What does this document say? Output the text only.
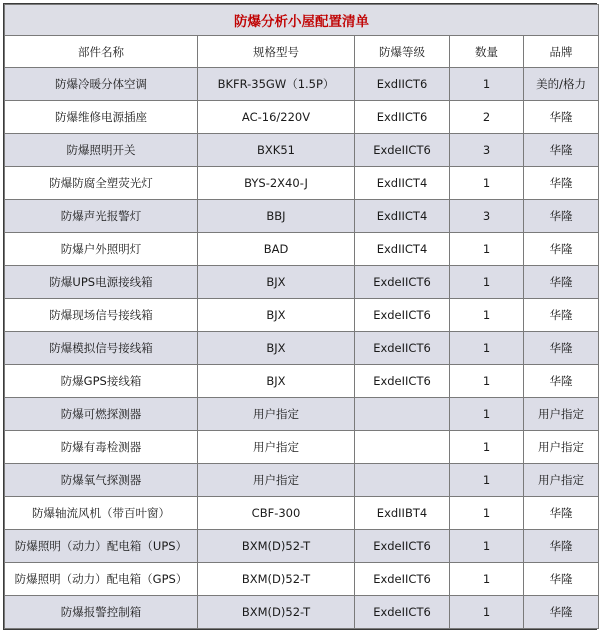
防爆分析小屋配置清单				
部件名称	规格型号	防爆等级	数量	品牌
防爆冷暖分体空调	BKFR-35GW（1.5P）	ExdIICT6	1	美的/格力
防爆维修电源插座	AC-16/220V	ExdIICT6	2	华隆
防爆照明开关	BXK51	ExdeIICT6	3	华隆
防爆防腐全塑荧光灯	BYS-2X40-J	ExdIICT4	1	华隆
防爆声光报警灯	BBJ	ExdIICT4	3	华隆
防爆户外照明灯	BAD	ExdIICT4	1	华隆
防爆UPS电源接线箱	BJX	ExdeIICT6	1	华隆
防爆现场信号接线箱	BJX	ExdeIICT6	1	华隆
防爆模拟信号接线箱	BJX	ExdeIICT6	1	华隆
防爆GPS接线箱	BJX	ExdeIICT6	1	华隆
防爆可燃探测器	用户指定		1	用户指定
防爆有毒检测器	用户指定		1	用户指定
防爆氧气探测器	用户指定		1	用户指定
防爆轴流风机（带百叶窗）	CBF-300	ExdIIBT4	1	华隆
防爆照明（动力）配电箱（UPS）	BXM(D)52-T	ExdeIICT6	1	华隆
防爆照明（动力）配电箱（GPS）	BXM(D)52-T	ExdeIICT6	1	华隆
防爆报警控制箱	BXM(D)52-T	ExdeIICT6	1	华隆
